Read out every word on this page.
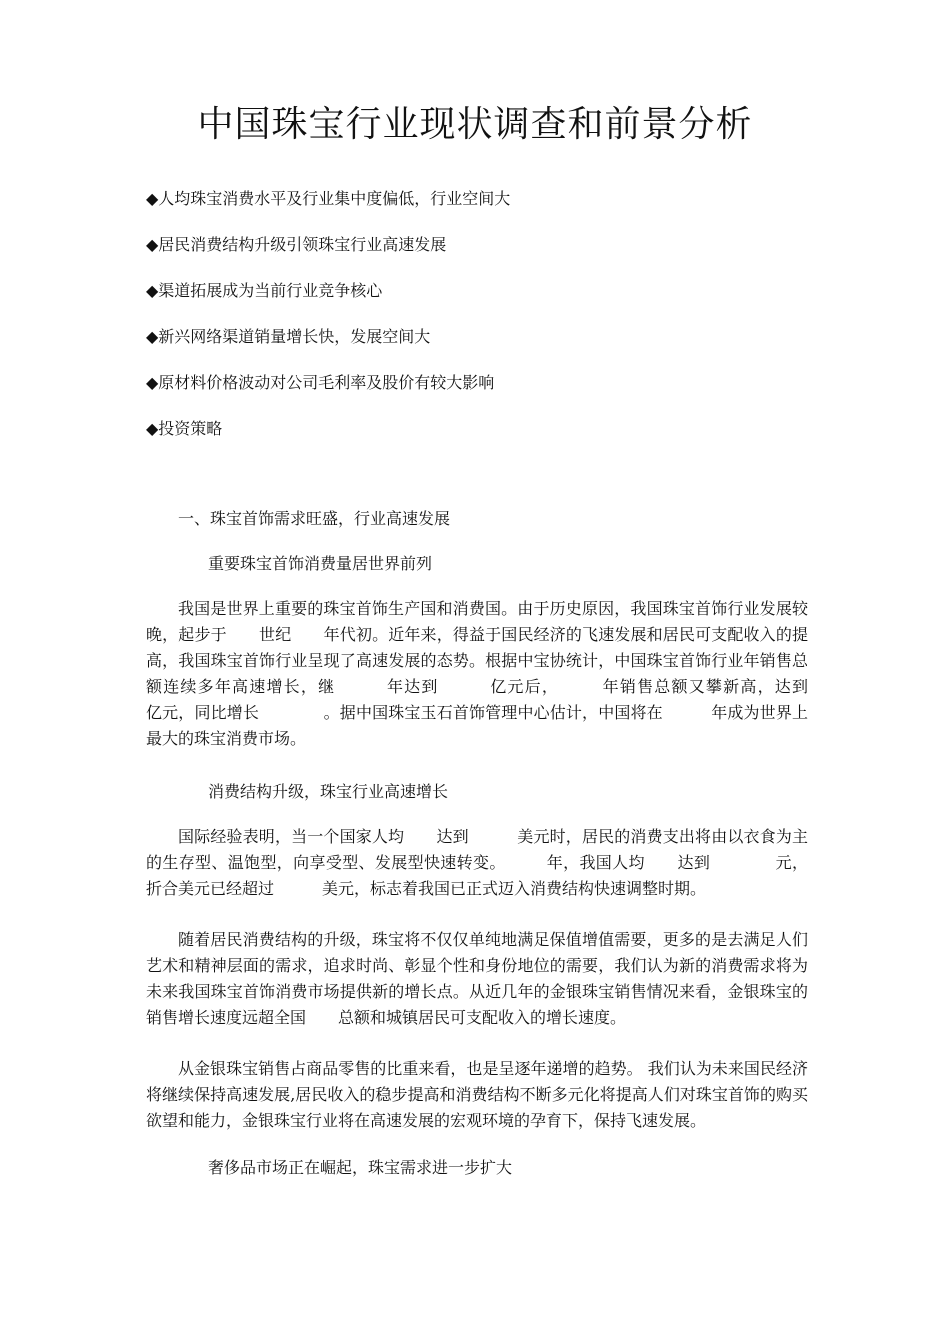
中国珠宝行业现状调查和前景分析

◆人均珠宝消费水平及行业集中度偏低，行业空间大

◆居民消费结构升级引领珠宝行业高速发展

◆渠道拓展成为当前行业竞争核心

◆新兴网络渠道销量增长快，发展空间大

◆原材料价格波动对公司毛利率及股价有较大影响

◆投资策略

一、珠宝首饰需求旺盛，行业高速发展

重要珠宝首饰消费量居世界前列

我国是世界上重要的珠宝首饰生产国和消费国。由于历史原因，我国珠宝首饰行业发展较晚，起步于　　世纪　　年代初。近年来，得益于国民经济的飞速发展和居民可支配收入的提高，我国珠宝首饰行业呈现了高速发展的态势。根据中宝协统计，中国珠宝首饰行业年销售总额连续多年高速增长，继　　　年达到　　　亿元后，　　　年销售总额又攀新高，达到　　　亿元，同比增长　　　　。据中国珠宝玉石首饰管理中心估计，中国将在　　　年成为世界上最大的珠宝消费市场。

消费结构升级，珠宝行业高速增长

国际经验表明，当一个国家人均　　达到　　　美元时，居民的消费支出将由以衣食为主的生存型、温饱型，向享受型、发展型快速转变。　　　年，我国人均　　达到　　　　元，折合美元已经超过　　　美元，标志着我国已正式迈入消费结构快速调整时期。

随着居民消费结构的升级，珠宝将不仅仅单纯地满足保值增值需要，更多的是去满足人们艺术和精神层面的需求，追求时尚、彰显个性和身份地位的需要，我们认为新的消费需求将为未来我国珠宝首饰消费市场提供新的增长点。从近几年的金银珠宝销售情况来看，金银珠宝的销售增长速度远超全国　　总额和城镇居民可支配收入的增长速度。

从金银珠宝销售占商品零售的比重来看，也是呈逐年递增的趋势。 我们认为未来国民经济将继续保持高速发展,居民收入的稳步提高和消费结构不断多元化将提高人们对珠宝首饰的购买欲望和能力，金银珠宝行业将在高速发展的宏观环境的孕育下，保持飞速发展。

奢侈品市场正在崛起，珠宝需求进一步扩大
